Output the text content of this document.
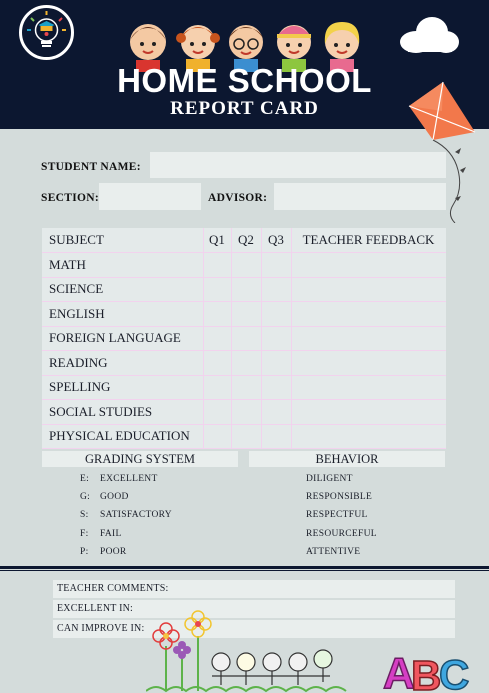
HOME SCHOOL
REPORT CARD
STUDENT NAME:
SECTION:	ADVISOR:
SUBJECT	Q1	Q2	Q3	TEACHER FEEDBACK
MATH
SCIENCE
ENGLISH
FOREIGN LANGUAGE
READING
SPELLING
SOCIAL STUDIES
PHYSICAL EDUCATION
GRADING SYSTEM
E: EXCELLENT
G: GOOD
S: SATISFACTORY
F: FAIL
P: POOR
BEHAVIOR
DILIGENT
RESPONSIBLE
RESPECTFUL
RESOURCEFUL
ATTENTIVE
TEACHER COMMENTS:
EXCELLENT IN:
CAN IMPROVE IN:
A
B
C
